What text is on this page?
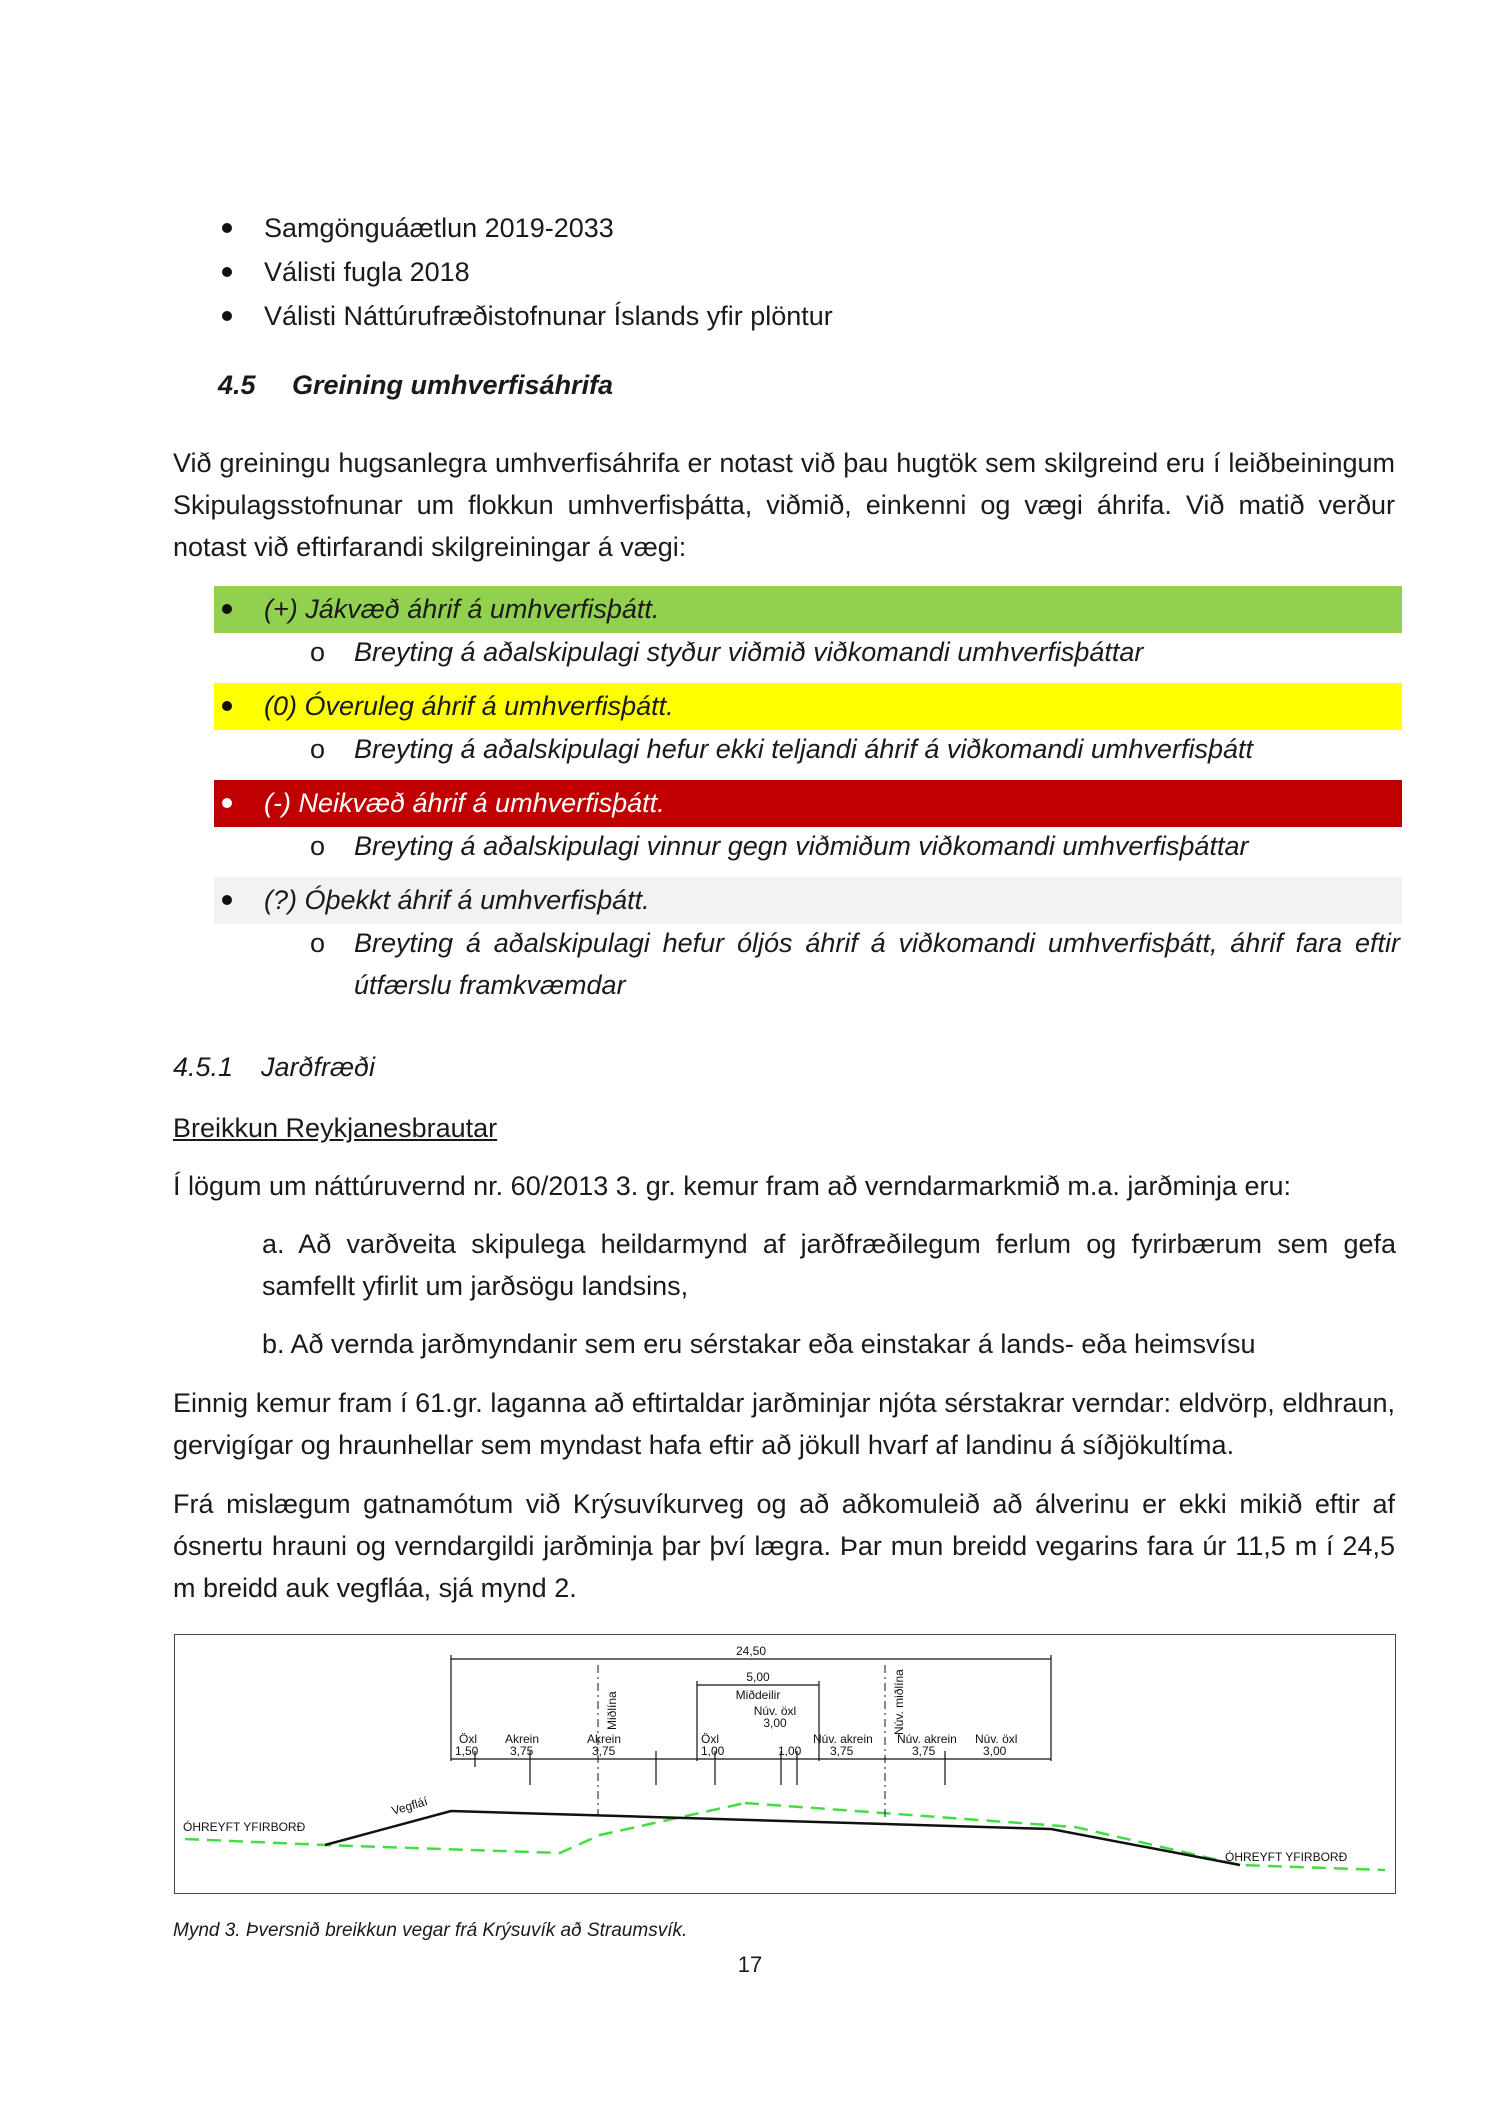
Samgönguáætlun 2019-2033
Válisti fugla 2018
Válisti Náttúrufræðistofnunar Íslands yfir plöntur
4.5 Greining umhverfisáhrifa

Við greiningu hugsanlegra umhverfisáhrifa er notast við þau hugtök sem skilgreind eru í leiðbeiningum Skipulagsstofnunar um flokkun umhverfisþátta, viðmið, einkenni og vægi áhrifa. Við matið verður notast við eftirfarandi skilgreiningar á vægi:

(+) Jákvæð áhrif á umhverfisþátt.
o Breyting á aðalskipulagi styður viðmið viðkomandi umhverfisþáttar
(0) Óveruleg áhrif á umhverfisþátt.
o Breyting á aðalskipulagi hefur ekki teljandi áhrif á viðkomandi umhverfisþátt
(-) Neikvæð áhrif á umhverfisþátt.
o Breyting á aðalskipulagi vinnur gegn viðmiðum viðkomandi umhverfisþáttar
(?) Óþekkt áhrif á umhverfisþátt.
o Breyting á aðalskipulagi hefur óljós áhrif á viðkomandi umhverfisþátt, áhrif fara eftir útfærslu framkvæmdar
4.5.1 Jarðfræði
Breikkun Reykjanesbrautar

Í lögum um náttúruvernd nr. 60/2013 3. gr. kemur fram að verndarmarkmið m.a. jarðminja eru:

a. Að varðveita skipulega heildarmynd af jarðfræðilegum ferlum og fyrirbærum sem gefa samfellt yfirlit um jarðsögu landsins,

b. Að vernda jarðmyndanir sem eru sérstakar eða einstakar á lands- eða heimsvísu

Einnig kemur fram í 61.gr. laganna að eftirtaldar jarðminjar njóta sérstakrar verndar: eldvörp, eldhraun, gervigígar og hraunhellar sem myndast hafa eftir að jökull hvarf af landinu á síðjökultíma.

Frá mislægum gatnamótum við Krýsuvíkurveg og að aðkomuleið að álverinu er ekki mikið eftir af ósnertu hrauni og verndargildi jarðminja þar því lægra. Þar mun breidd vegarins fara úr 11,5 m í 24,5 m breidd auk vegfláa, sjá mynd 2.

24,50
5,00
Miðdeilir
Núv. öxl
3,00
Miðlína	Núv. miðlína
Öxl
1,50
Akrein
3,75
Akrein
3,75
Öxl
1,00	1,00
Núv. akrein
3,75
Núv. akrein
3,75
Núv. öxl
3,00
ÓHREYFT YFIRBORÐ
ÓHREYFT YFIRBORÐ
Vegfláí
Mynd 3. Þversnið breikkun vegar frá Krýsuvík að Straumsvík.
17
